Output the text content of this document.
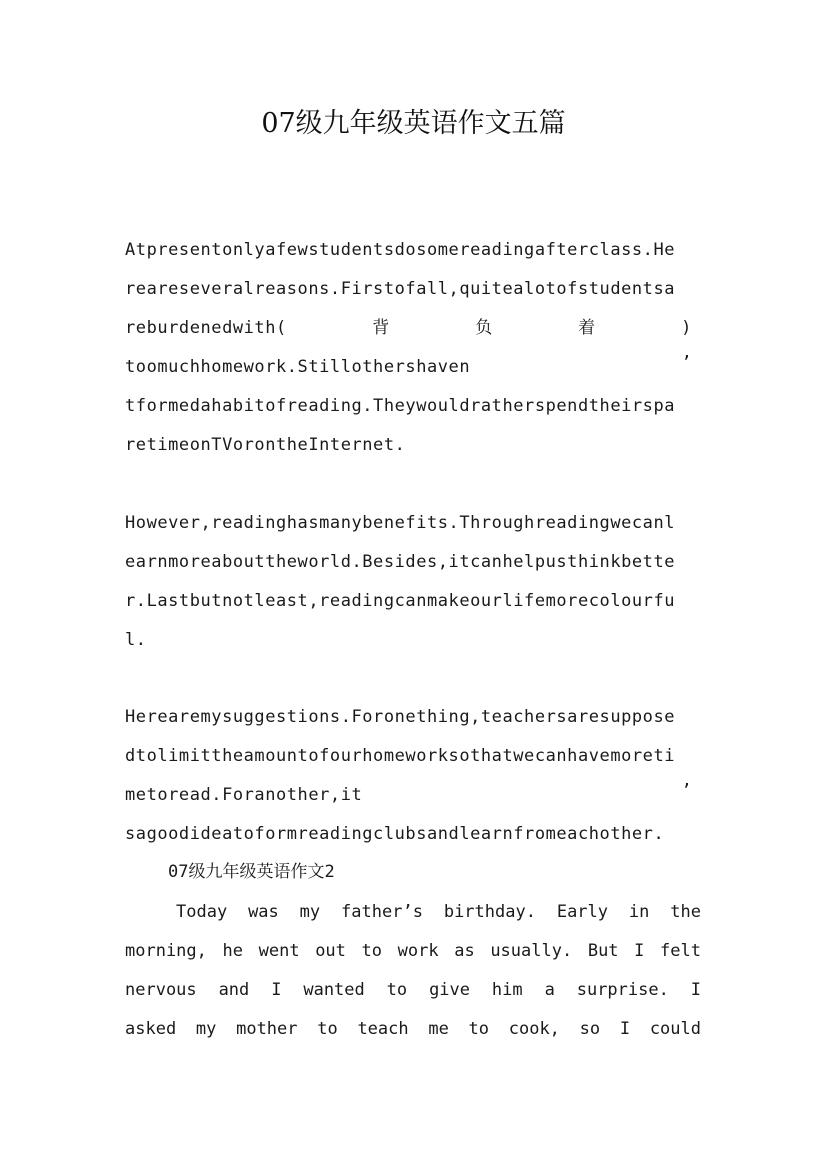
07级九年级英语作文五篇
Atpresentonlyafewstudentsdosomereadingafterclass.He
reareseveralreasons.Firstofall,quitealotofstudentsa
reburdenedwith(	背	负	着	)
toomuchhomework.Stillothershaven	’
tformedahabitofreading.Theywouldratherspendtheirspa
retimeonTVorontheInternet.
However,readinghasmanybenefits.Throughreadingwecanl
earnmoreabouttheworld.Besides,itcanhelpusthinkbette
r.Lastbutnotleast,readingcanmakeourlifemorecolourfu
l.
Herearemysuggestions.Foronething,teachersaresuppose
dtolimittheamountofourhomeworksothatwecanhavemoreti
metoread.Foranother,it	’
sagoodideatoformreadingclubsandlearnfromeachother.
07级九年级英语作文2
Today was my father’s birthday. Early in the
morning, he went out to work as usually. But I felt
nervous and I wanted to give him a surprise. I
asked my mother to teach me to cook, so I could
